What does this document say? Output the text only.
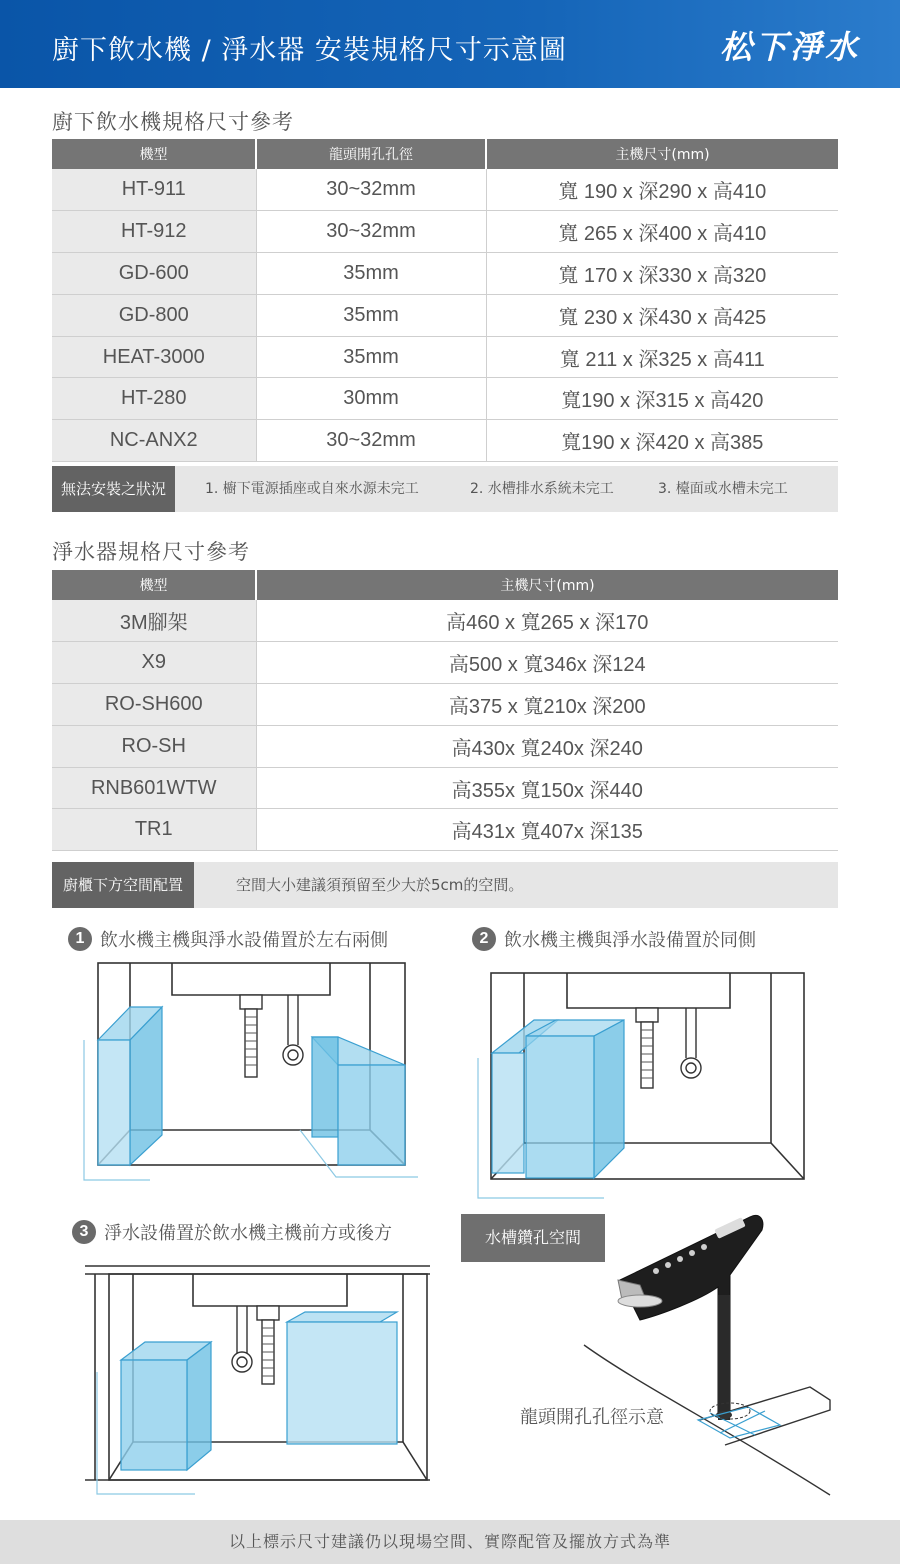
廚下飲水機 / 淨水器 安裝規格尺寸示意圖	松下淨水
廚下飲水機規格尺寸參考
機型	龍頭開孔孔徑	主機尺寸(mm)
HT-911	30~32mm	寬 190 x 深290 x 高410
HT-912	30~32mm	寬 265 x 深400 x 高410
GD-600	35mm	寬 170 x 深330 x 高320
GD-800	35mm	寬 230 x 深430 x 高425
HEAT-3000	35mm	寬 211 x 深325 x 高411
HT-280	30mm	寬190 x 深315 x 高420
NC-ANX2	30~32mm	寬190 x 深420 x 高385
無法安裝之狀況	1. 櫥下電源插座或自來水源未完工	2. 水槽排水系統未完工	3. 檯面或水槽未完工
淨水器規格尺寸參考
機型	主機尺寸(mm)
3M腳架	高460 x 寬265 x 深170
X9	高500 x 寬346x 深124
RO-SH600	高375 x 寬210x 深200
RO-SH	高430x 寬240x 深240
RNB601WTW	高355x 寬150x 深440
TR1	高431x 寬407x 深135
廚櫃下方空間配置	空間大小建議須預留至少大於5cm的空間。
1 飲水機主機與淨水設備置於左右兩側	2 飲水機主機與淨水設備置於同側
3 淨水設備置於飲水機主機前方或後方	水槽鑽孔空間
龍頭開孔孔徑示意
以上標示尺寸建議仍以現場空間、實際配管及擺放方式為準
